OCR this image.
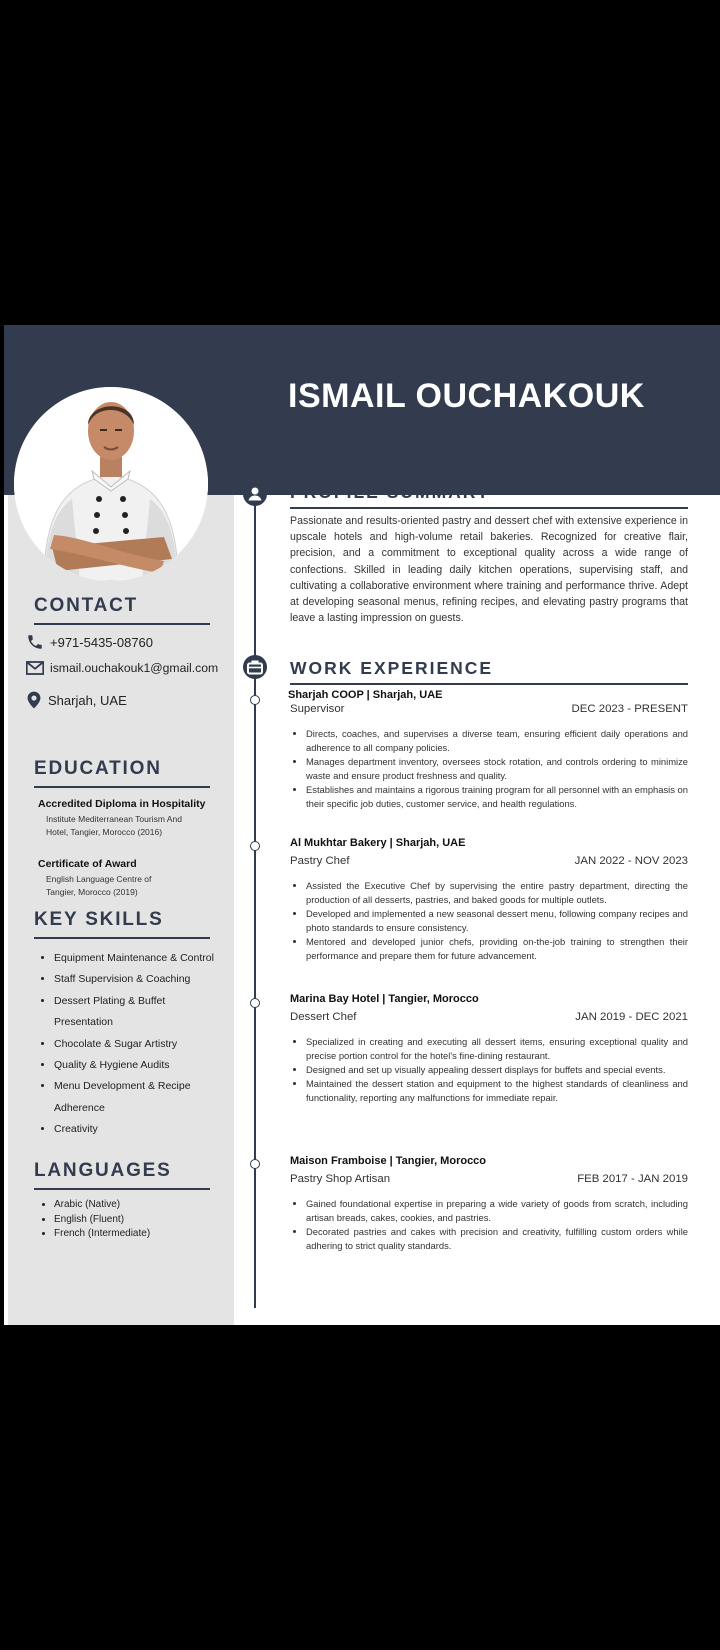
ISMAIL OUCHAKOUK
CONTACT
+971-5435-08760
ismail.ouchakouk1@gmail.com
Sharjah, UAE
EDUCATION
Accredited Diploma in Hospitality
Institute Mediterranean Tourism And
Hotel, Tangier, Morocco (2016)
Certificate of Award
English Language Centre of
Tangier, Morocco (2019)
KEY SKILLS
• Equipment Maintenance & Control
• Staff Supervision & Coaching
• Dessert Plating & Buffet Presentation
• Chocolate & Sugar Artistry
• Quality & Hygiene Audits
• Menu Development & Recipe Adherence
• Creativity
LANGUAGES
• Arabic (Native)
• English (Fluent)
• French (Intermediate)
PROFILE SUMMARY

Passionate and results-oriented pastry and dessert chef with extensive experience in upscale hotels and high-volume retail bakeries. Recognized for creative flair, precision, and a commitment to exceptional quality across a wide range of confections. Skilled in leading daily kitchen operations, supervising staff, and cultivating a collaborative environment where training and performance thrive. Adept at developing seasonal menus, refining recipes, and elevating pastry programs that leave a lasting impression on guests.

WORK EXPERIENCE
Sharjah COOP | Sharjah, UAE
Supervisor	DEC 2023 - PRESENT
• Directs, coaches, and supervises a diverse team, ensuring efficient daily operations and adherence to all company policies.
• Manages department inventory, oversees stock rotation, and controls ordering to minimize waste and ensure product freshness and quality.
• Establishes and maintains a rigorous training program for all personnel with an emphasis on their specific job duties, customer service, and health regulations.
Al Mukhtar Bakery | Sharjah, UAE
Pastry Chef	JAN 2022 - NOV 2023
• Assisted the Executive Chef by supervising the entire pastry department, directing the production of all desserts, pastries, and baked goods for multiple outlets.
• Developed and implemented a new seasonal dessert menu, following company recipes and photo standards to ensure consistency.
• Mentored and developed junior chefs, providing on-the-job training to strengthen their performance and prepare them for future advancement.
Marina Bay Hotel | Tangier, Morocco
Dessert Chef	JAN 2019 - DEC 2021
• Specialized in creating and executing all dessert items, ensuring exceptional quality and precise portion control for the hotel's fine-dining restaurant.
• Designed and set up visually appealing dessert displays for buffets and special events.
• Maintained the dessert station and equipment to the highest standards of cleanliness and functionality, reporting any malfunctions for immediate repair.
Maison Framboise | Tangier, Morocco
Pastry Shop Artisan	FEB 2017 - JAN 2019
• Gained foundational expertise in preparing a wide variety of goods from scratch, including artisan breads, cakes, cookies, and pastries.
• Decorated pastries and cakes with precision and creativity, fulfilling custom orders while adhering to strict quality standards.
